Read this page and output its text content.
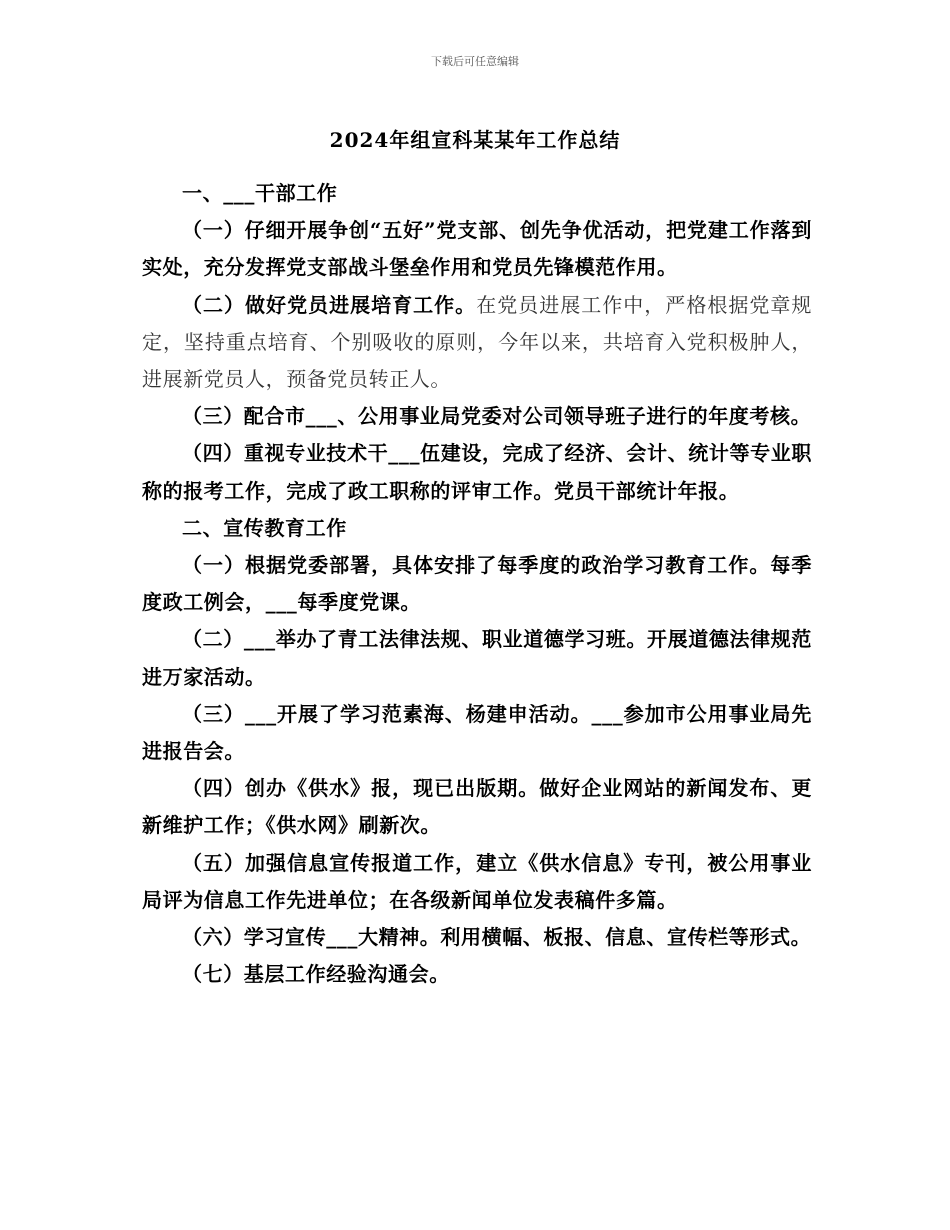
下载后可任意编辑
2024年组宣科某某年工作总结

一、___干部工作

（一）仔细开展争创“五好”党支部、创先争优活动，把党建工作落到实处，充分发挥党支部战斗堡垒作用和党员先锋模范作用。

（二）做好党员进展培育工作。在党员进展工作中，严格根据党章规定，坚持重点培育、个别吸收的原则，今年以来，共培育入党积极肿人，进展新党员人，预备党员转正人。

（三）配合市___、公用事业局党委对公司领导班子进行的年度考核。

（四）重视专业技术干___伍建设，完成了经济、会计、统计等专业职称的报考工作，完成了政工职称的评审工作。党员干部统计年报。

二、宣传教育工作

（一）根据党委部署，具体安排了每季度的政治学习教育工作。每季度政工例会，___每季度党课。

（二）___举办了青工法律法规、职业道德学习班。开展道德法律规范进万家活动。

（三）___开展了学习范素海、杨建申活动。___参加市公用事业局先进报告会。

（四）创办《供水》报，现已出版期。做好企业网站的新闻发布、更新维护工作；《供水网》刷新次。

（五）加强信息宣传报道工作，建立《供水信息》专刊，被公用事业局评为信息工作先进单位；在各级新闻单位发表稿件多篇。

（六）学习宣传___大精神。利用横幅、板报、信息、宣传栏等形式。

（七）基层工作经验沟通会。
